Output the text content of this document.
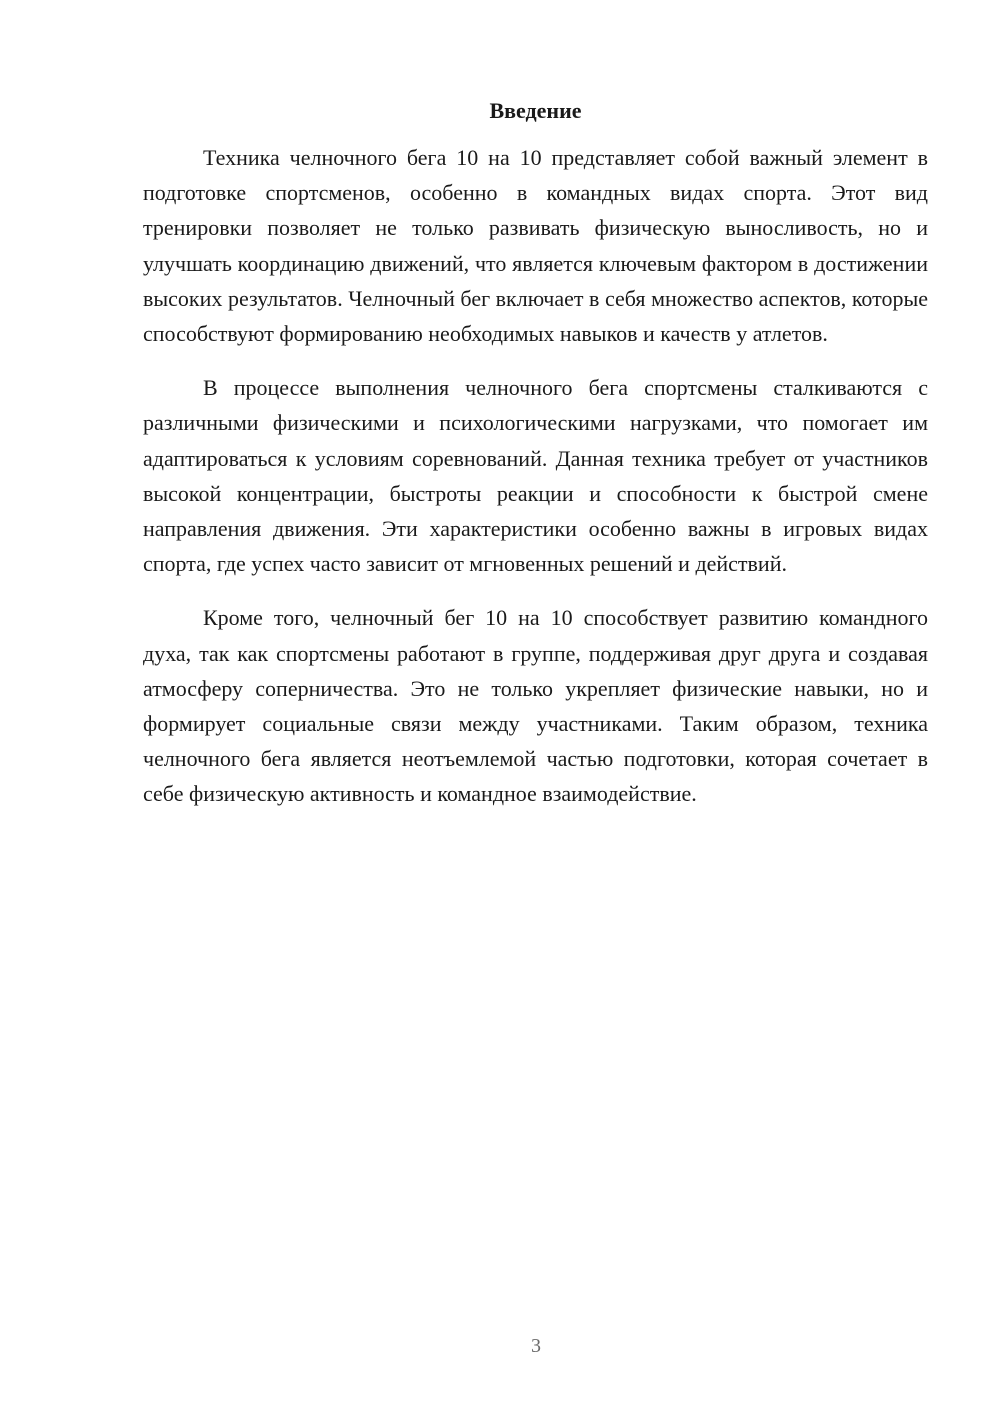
Введение

Техника челночного бега 10 на 10 представляет собой важный элемент в подготовке спортсменов, особенно в командных видах спорта. Этот вид тренировки позволяет не только развивать физическую выносливость, но и улучшать координацию движений, что является ключевым фактором в достижении высоких результатов. Челночный бег включает в себя множество аспектов, которые способствуют формированию необходимых навыков и качеств у атлетов.

В процессе выполнения челночного бега спортсмены сталкиваются с различными физическими и психологическими нагрузками, что помогает им адаптироваться к условиям соревнований. Данная техника требует от участников высокой концентрации, быстроты реакции и способности к быстрой смене направления движения. Эти характеристики особенно важны в игровых видах спорта, где успех часто зависит от мгновенных решений и действий.

Кроме того, челночный бег 10 на 10 способствует развитию командного духа, так как спортсмены работают в группе, поддерживая друг друга и создавая атмосферу соперничества. Это не только укрепляет физические навыки, но и формирует социальные связи между участниками. Таким образом, техника челночного бега является неотъемлемой частью подготовки, которая сочетает в себе физическую активность и командное взаимодействие.

3
